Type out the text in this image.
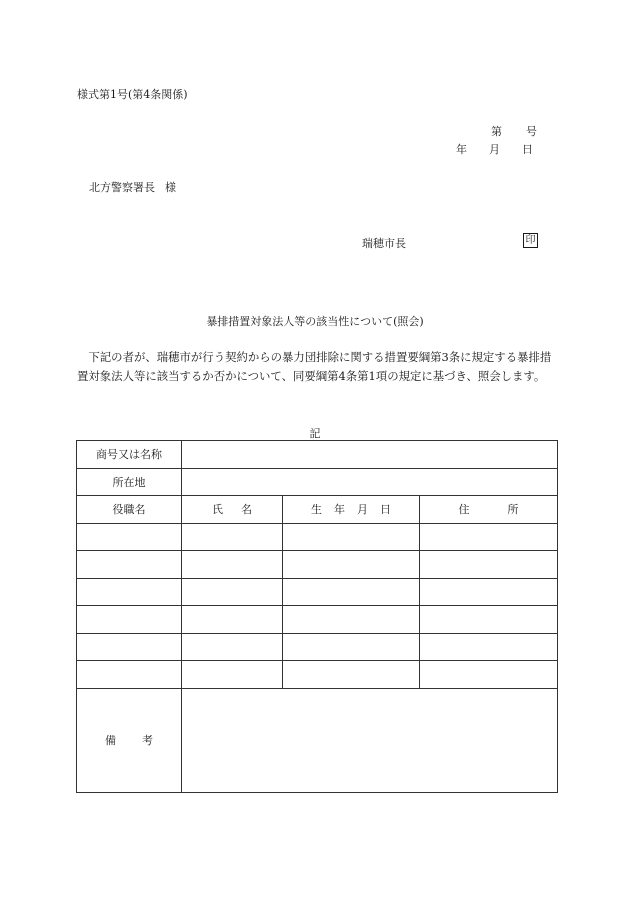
様式第1号(第4条関係)
第 号
年 月 日
北方警察署長 様
瑞穂市長	印
暴排措置対象法人等の該当性について(照会)
下記の者が、瑞穂市が行う契約からの暴力団排除に関する措置要綱第3条に規定する暴排措置対象法人等に該当するか否かについて、同要綱第4条第1項の規定に基づき、照会します。
記
商号又は名称			
所在地			
役職名	氏 名	生 年 月 日	住 所

備 考			
